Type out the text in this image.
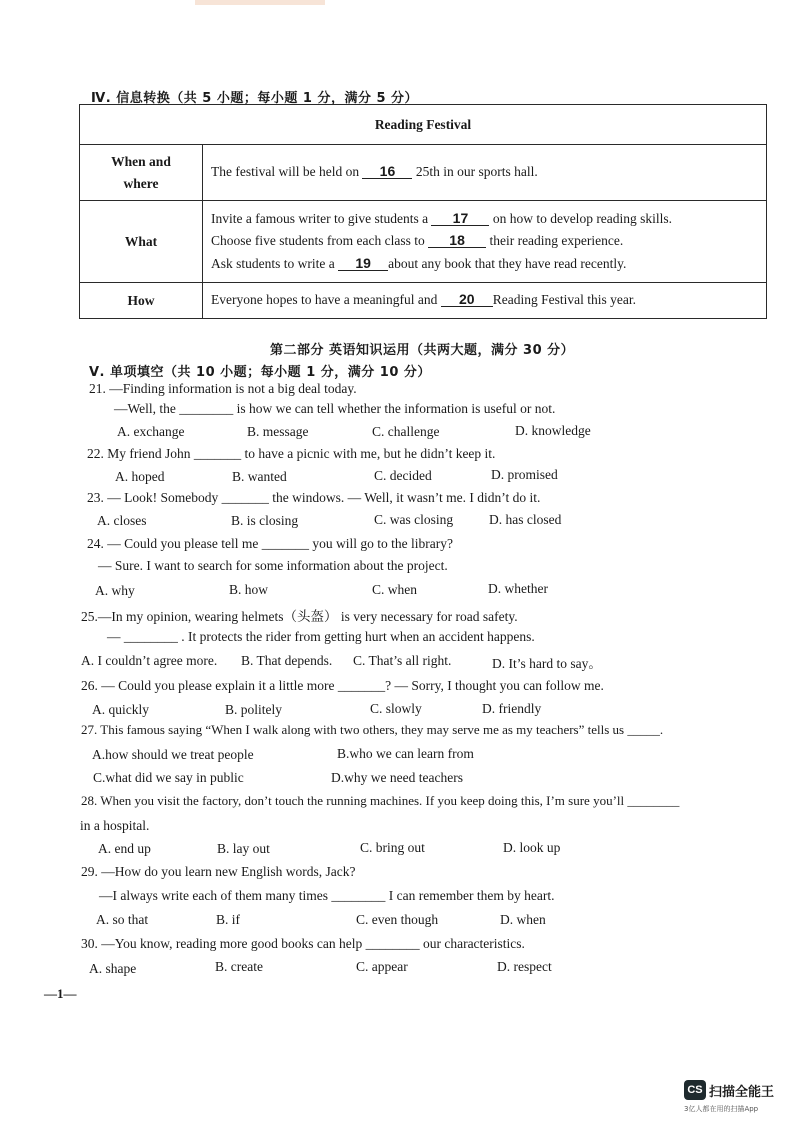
Ⅳ. 信息转换（共 5 小题；每小题 1 分，满分 5 分）
Reading Festival	

When and
where	The festival will be held on 16 25th in our sports hall.

What	Invite a famous writer to give students a 17 on how to develop reading skills.
Choose five students from each class to 18 their reading experience.
Ask students to write a 19 about any book that they have read recently.

How	Everyone hopes to have a meaningful and 20 Reading Festival this year.
第二部分 英语知识运用（共两大题，满分 30 分）
Ⅴ. 单项填空（共 10 小题；每小题 1 分，满分 10 分）
21. —Finding information is not a big deal today.
—Well, the ________ is how we can tell whether the information is useful or not.
A. exchange	B. message	C. challenge	D. knowledge
22. My friend John _______ to have a picnic with me, but he didn’t keep it.
A. hoped	B. wanted	C. decided	D. promised
23. — Look! Somebody _______ the windows. — Well, it wasn’t me. I didn’t do it.
A. closes	B. is closing	C. was closing	D. has closed
24. — Could you please tell me _______ you will go to the library?
— Sure. I want to search for some information about the project.
A. why	B. how	C. when	D. whether
25.—In my opinion, wearing helmets（头盔） is very necessary for road safety.
— ________ . It protects the rider from getting hurt when an accident happens.
A. I couldn’t agree more. B. That depends. C. That’s all right.	D. It’s hard to say。
26. — Could you please explain it a little more _______? — Sorry, I thought you can follow me.
A. quickly	B. politely	C. slowly	D. friendly
27. This famous saying “When I walk along with two others, they may serve me as my teachers” tells us _____.
A.how should we treat people	B.who we can learn from
C.what did we say in public	D.why we need teachers
28. When you visit the factory, don’t touch the running machines. If you keep doing this, I’m sure you’ll ________
in a hospital.
A. end up	B. lay out	C. bring out	D. look up
29. —How do you learn new English words, Jack?
—I always write each of them many times ________ I can remember them by heart.
A. so that	B. if	C. even though	D. when
30. —You know, reading more good books can help ________ our characteristics.
A. shape	B. create	C. appear	D. respect
—1—
CS 扫描全能王
3亿人都在用的扫描App
